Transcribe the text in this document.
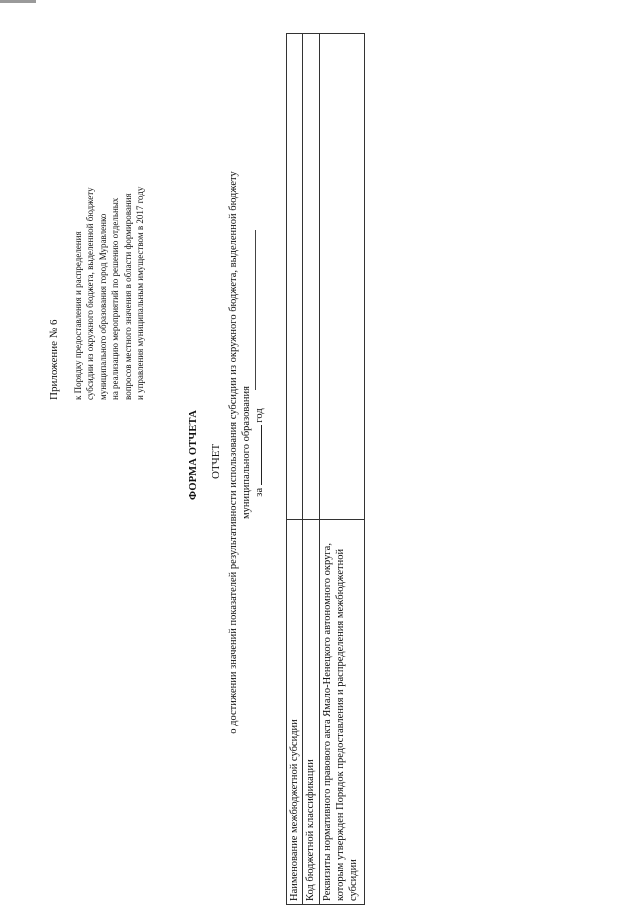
Приложение № 6 к Порядку предоставления и распределения субсидии из окружного бюджета, выделенной бюджету муниципального образования город Муравленко на реализацию мероприятий по решению отдельных вопросов местного значения в области формирования и управления муниципальным имуществом в 2017 году

ФОРМА ОТЧЕТА ОТЧЕТ о достижении значений показателей результативности использования субсидии из окружного бюджета, выделенной бюджету муниципального образования за  год
Наименование межбюджетной субсидии	
Код бюджетной классификации	
Реквизиты нормативного правового акта Ямало-Ненецкого автономного округа, которым утвержден Порядок предоставления и распределения межбюджетной субсидии	
